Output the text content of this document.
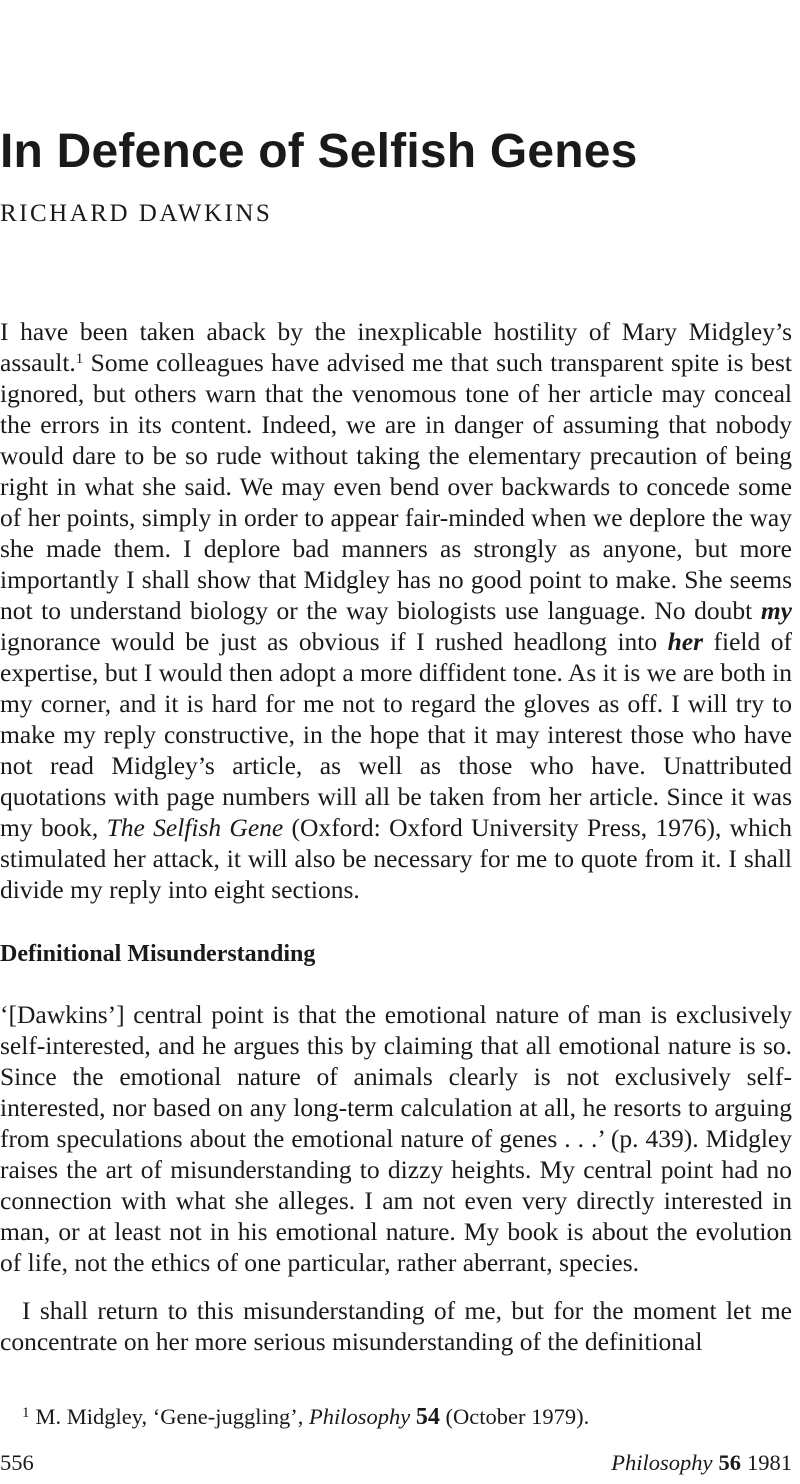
In Defence of Selfish Genes
RICHARD DAWKINS

I have been taken aback by the inexplicable hostility of Mary Midgley’s assault.$^1$ Some colleagues have advised me that such transparent spite is best ignored, but others warn that the venomous tone of her article may conceal the errors in its content. Indeed, we are in danger of assuming that nobody would dare to be so rude without taking the elementary precaution of being right in what she said. We may even bend over backwards to concede some of her points, simply in order to appear fair-minded when we deplore the way she made them. I deplore bad manners as strongly as anyone, but more importantly I shall show that Midgley has no good point to make. She seems not to understand biology or the way biologists use language. No doubt my ignorance would be just as obvious if I rushed headlong into her field of expertise, but I would then adopt a more diffident tone. As it is we are both in my corner, and it is hard for me not to regard the gloves as off. I will try to make my reply constructive, in the hope that it may interest those who have not read Midgley’s article, as well as those who have. Unattributed quotations with page numbers will all be taken from her article. Since it was my book, The Selfish Gene (Oxford: Oxford University Press, 1976), which stimulated her attack, it will also be necessary for me to quote from it. I shall divide my reply into eight sections.

Definitional Misunderstanding

‘[Dawkins’] central point is that the emotional nature of man is exclusively self-interested, and he argues this by claiming that all emotional nature is so. Since the emotional nature of animals clearly is not exclusively self-interested, nor based on any long-term calculation at all, he resorts to arguing from speculations about the emotional nature of genes . . .’ (p. 439). Midgley raises the art of misunderstanding to dizzy heights. My central point had no connection with what she alleges. I am not even very directly interested in man, or at least not in his emotional nature. My book is about the evolution of life, not the ethics of one particular, rather aberrant, species.

I shall return to this misunderstanding of me, but for the moment let me concentrate on her more serious misunderstanding of the definitional

$^1$ M. Midgley, ‘Gene-juggling’, Philosophy 54 (October 1979).
556	Philosophy 56 1981
